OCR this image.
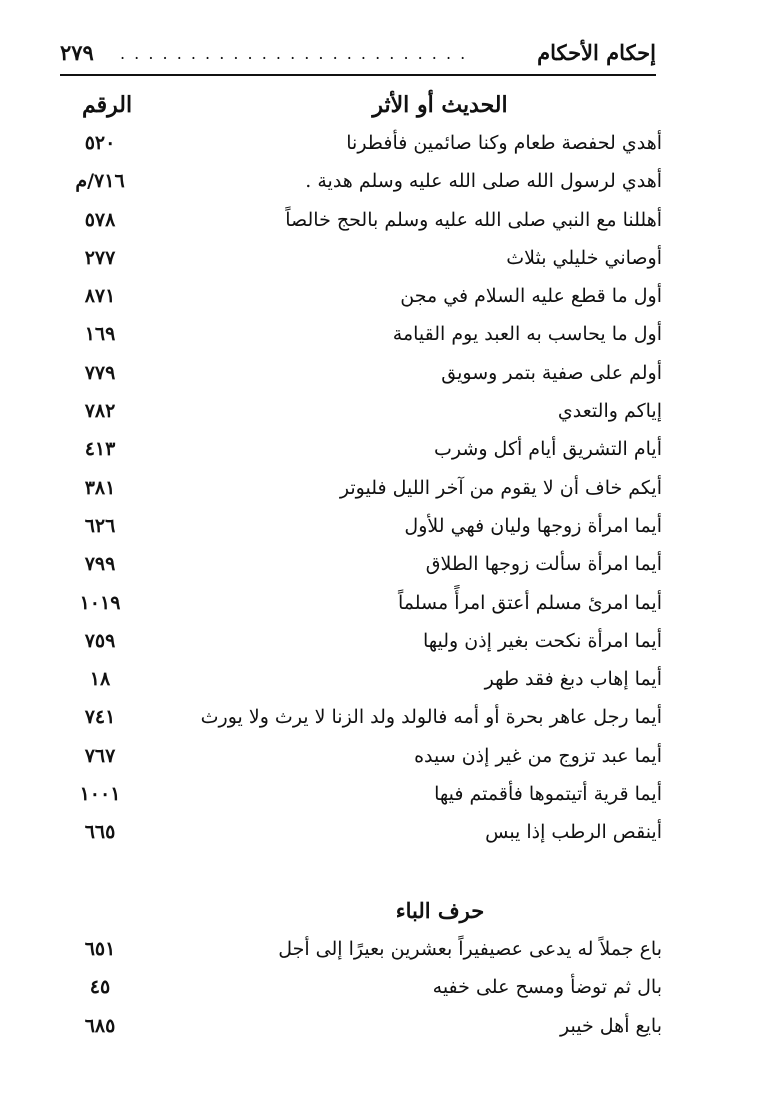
٢٧٩ . . . . . . . . . . . . . . . . . . . . . . . . .	إحكام الأحكام
الرقم	الحديث أو الأثر
أهدي لحفصة طعام وكنا صائمين فأفطرنا
٥٢٠
أهدي لرسول الله صلى الله عليه وسلم هدية .
٧١٦/م
أهللنا مع النبي صلى الله عليه وسلم بالحج خالصاً
٥٧٨
أوصاني خليلي بثلاث
٢٧٧
أول ما قطع عليه السلام في مجن
٨٧١
أول ما يحاسب به العبد يوم القيامة
١٦٩
أولم على صفية بتمر وسويق
٧٧٩
إياكم والتعدي
٧٨٢
أيام التشريق أيام أكل وشرب
٤١٣
أيكم خاف أن لا يقوم من آخر الليل فليوتر
٣٨١
أيما امرأة زوجها وليان فهي للأول
٦٢٦
أيما امرأة سألت زوجها الطلاق
٧٩٩
أيما امرئ مسلم أعتق امرأً مسلماً
١٠١٩
أيما امرأة نكحت بغير إذن وليها
٧٥٩
أيما إهاب دبغ فقد طهر
١٨
أيما رجل عاهر بحرة أو أمه فالولد ولد الزنا لا يرث ولا يورث
٧٤١
أيما عبد تزوج من غير إذن سيده
٧٦٧
أيما قرية أتيتموها فأقمتم فيها
١٠٠١
أينقص الرطب إذا يبس
٦٦٥
حرف الباء
باع جملاً له يدعى عصيفيراً بعشرين بعيرًا إلى أجل
٦٥١
بال ثم توضأ ومسح على خفيه
٤٥
بايع أهل خيبر
٦٨٥
